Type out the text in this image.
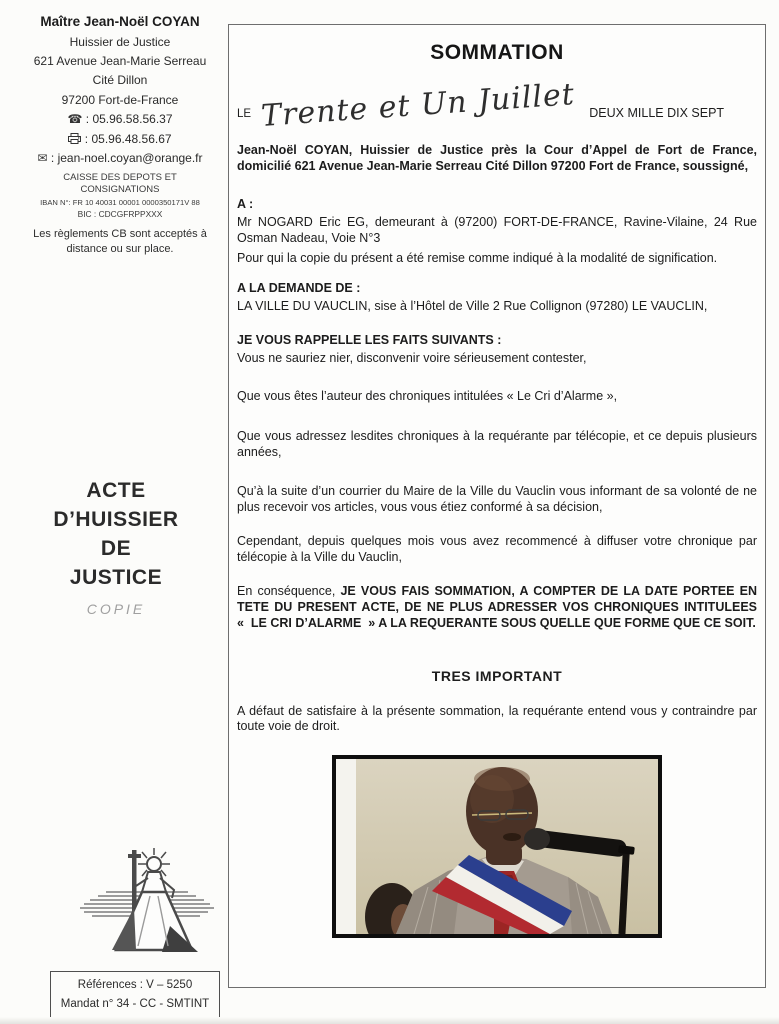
Maître Jean-Noël COYAN
Huissier de Justice
621 Avenue Jean-Marie Serreau
Cité Dillon
97200 Fort-de-France
☎ : 05.96.58.56.37
: 05.96.48.56.67
✉ : jean-noel.coyan@orange.fr
CAISSE DES DEPOTS ET
CONSIGNATIONS
IBAN N°: FR 10 40031 00001 0000350171V 88
BIC : CDCGFRPPXXX
Les règlements CB sont acceptés à distance ou sur place.
ACTE
D’HUISSIER
DE
JUSTICE
COPIE
Références : V – 5250
Mandat n° 34 - CC - SMTINT
SOMMATION
LE Trente et Un Juillet DEUX MILLE DIX SEPT

Jean-Noël COYAN, Huissier de Justice près la Cour d’Appel de Fort de France, domicilié 621 Avenue Jean-Marie Serreau Cité Dillon 97200 Fort de France, soussigné,

A :

Mr NOGARD Eric EG, demeurant à (97200) FORT-DE-FRANCE, Ravine-Vilaine, 24 Rue Osman Nadeau, Voie N°3

Pour qui la copie du présent a été remise comme indiqué à la modalité de signification.

A LA DEMANDE DE :

LA VILLE DU VAUCLIN, sise à l’Hôtel de Ville 2 Rue Collignon (97280) LE VAUCLIN,

JE VOUS RAPPELLE LES FAITS SUIVANTS :

Vous ne sauriez nier, disconvenir voire sérieusement contester,

Que vous êtes l’auteur des chroniques intitulées « Le Cri d’Alarme »,

Que vous adressez lesdites chroniques à la requérante par télécopie, et ce depuis plusieurs années,

Qu’à la suite d’un courrier du Maire de la Ville du Vauclin vous informant de sa volonté de ne plus recevoir vos articles, vous vous étiez conformé à sa décision,

Cependant, depuis quelques mois vous avez recommencé à diffuser votre chronique par télécopie à la Ville du Vauclin,

En conséquence, JE VOUS FAIS SOMMATION, A COMPTER DE LA DATE PORTEE EN TETE DU PRESENT ACTE, DE NE PLUS ADRESSER VOS CHRONIQUES INTITULEES «  LE CRI D’ALARME  » A LA REQUERANTE SOUS QUELLE QUE FORME QUE CE SOIT.

TRES IMPORTANT

A défaut de satisfaire à la présente sommation, la requérante entend vous y contraindre par toute voie de droit.
